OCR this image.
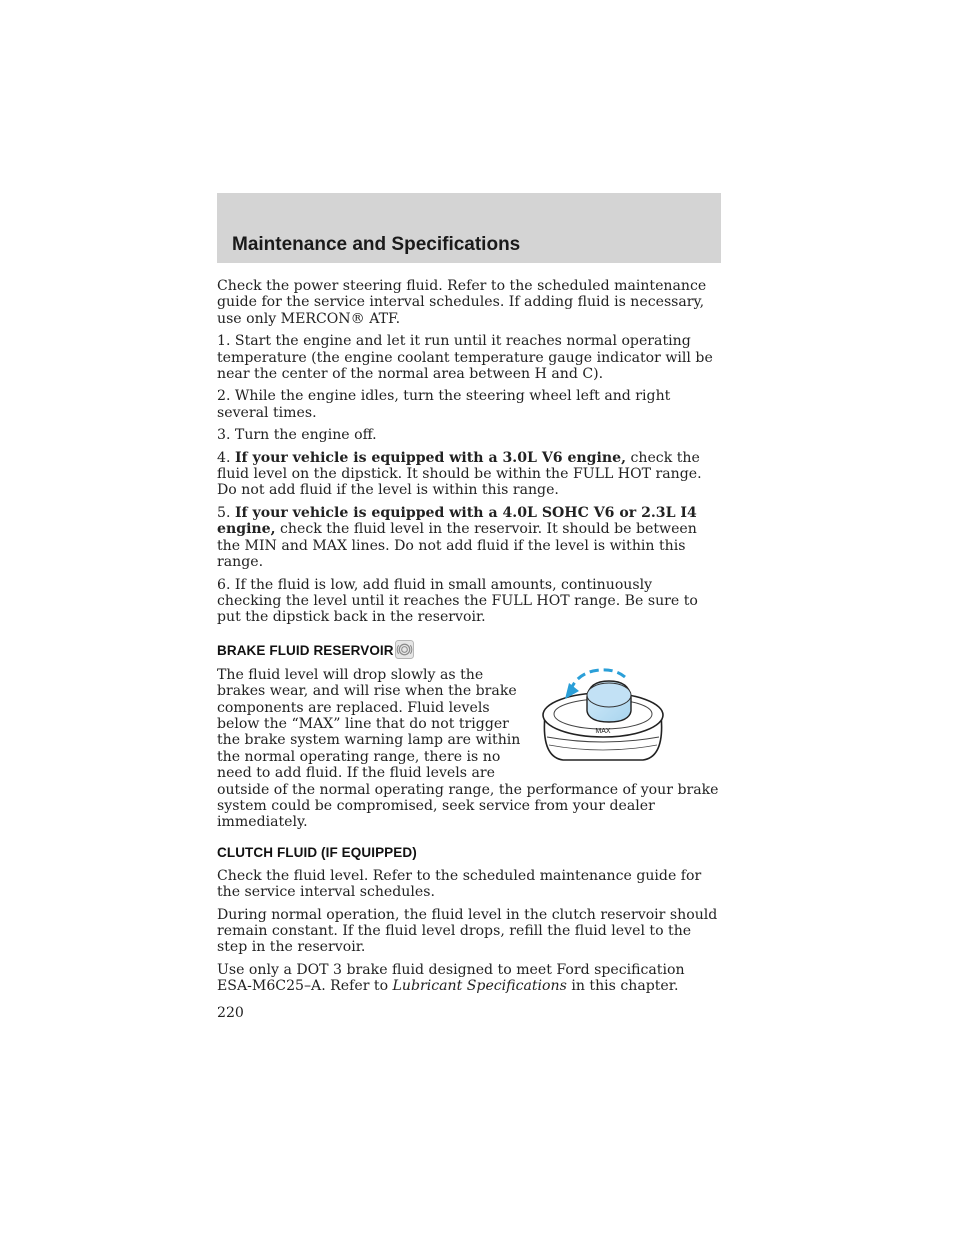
Maintenance and Specifications

Check the power steering fluid. Refer to the scheduled maintenance guide for the service interval schedules. If adding fluid is necessary, use only MERCON® ATF.

1. Start the engine and let it run until it reaches normal operating temperature (the engine coolant temperature gauge indicator will be near the center of the normal area between H and C).

2. While the engine idles, turn the steering wheel left and right several times.

3. Turn the engine off.

4. If your vehicle is equipped with a 3.0L V6 engine, check the fluid level on the dipstick. It should be within the FULL HOT range. Do not add fluid if the level is within this range.

5. If your vehicle is equipped with a 4.0L SOHC V6 or 2.3L I4 engine, check the fluid level in the reservoir. It should be between the MIN and MAX lines. Do not add fluid if the level is within this range.

6. If the fluid is low, add fluid in small amounts, continuously checking the level until it reaches the FULL HOT range. Be sure to put the dipstick back in the reservoir.

BRAKE FLUID RESERVOIR
MAX

The fluid level will drop slowly as the brakes wear, and will rise when the brake components are replaced. Fluid levels below the “MAX” line that do not trigger the brake system warning lamp are within the normal operating range, there is no need to add fluid. If the fluid levels are outside of the normal operating range, the performance of your brake system could be compromised, seek service from your dealer immediately.

CLUTCH FLUID (IF EQUIPPED)

Check the fluid level. Refer to the scheduled maintenance guide for the service interval schedules.

During normal operation, the fluid level in the clutch reservoir should remain constant. If the fluid level drops, refill the fluid level to the step in the reservoir.

Use only a DOT 3 brake fluid designed to meet Ford specification ESA-M6C25–A. Refer to Lubricant Specifications in this chapter.

220
